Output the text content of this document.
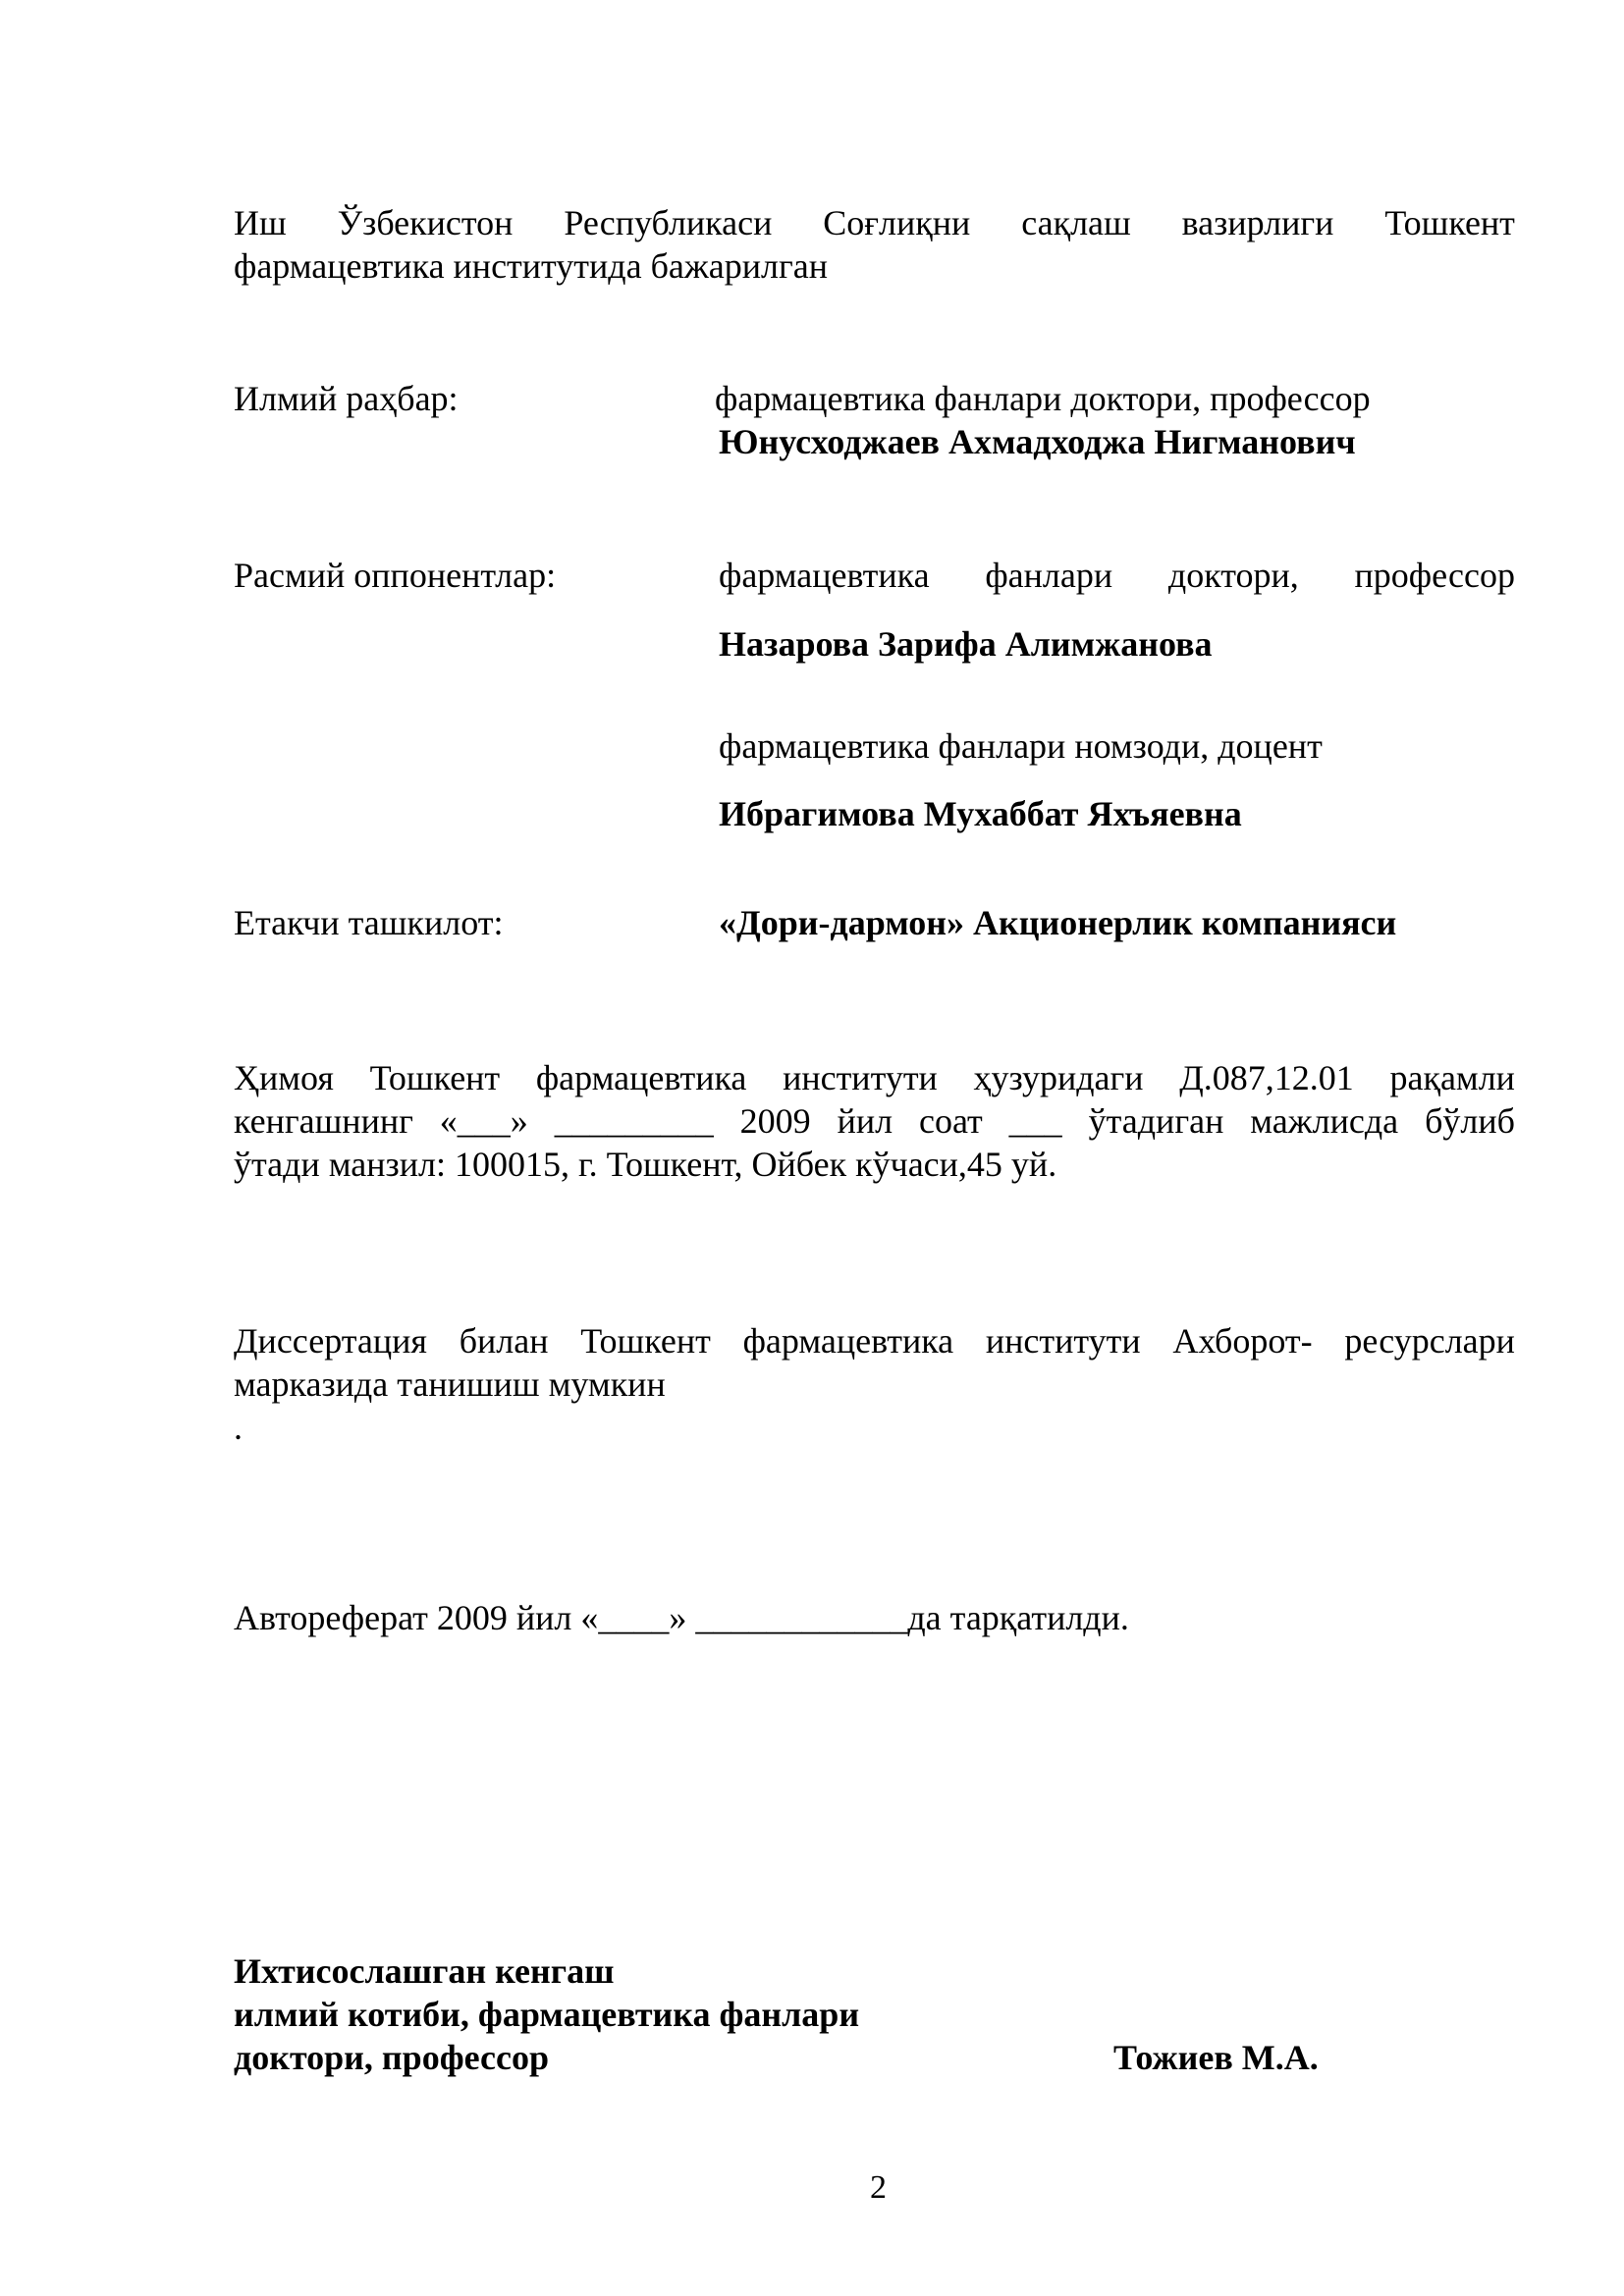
Иш Ўзбекистон Республикаси Соғлиқни сақлаш вазирлиги Тошкент
фармацевтика институтида бажарилган
Илмий раҳбар:	фармацевтика фанлари доктори, профессор
Юнусходжаев Ахмадходжа Нигманович
Расмий оппонентлар:	фармацевтика фанлари доктори, профессор
Назарова Зарифа Алимжанова
фармацевтика фанлари номзоди, доцент
Ибрагимова Мухаббат Яхъяевна
Етакчи ташкилот:	«Дори-дармон» Акционерлик компанияси
Ҳимоя Тошкент фармацевтика институти ҳузуридаги Д.087,12.01 рақамли
кенгашнинг «___» _________ 2009 йил соат ___ ўтадиган мажлисда бўлиб
ўтади манзил: 100015, г. Тошкент, Ойбек кўчаси,45 уй.
Диссертация билан Тошкент фармацевтика институти Ахборот- ресурслари
марказида танишиш мумкин
.
Автореферат 2009 йил «____» ____________да тарқатилди.
Ихтисослашган кенгаш
илмий котиби, фармацевтика фанлари
доктори, профессор	Тожиев М.А.
2
